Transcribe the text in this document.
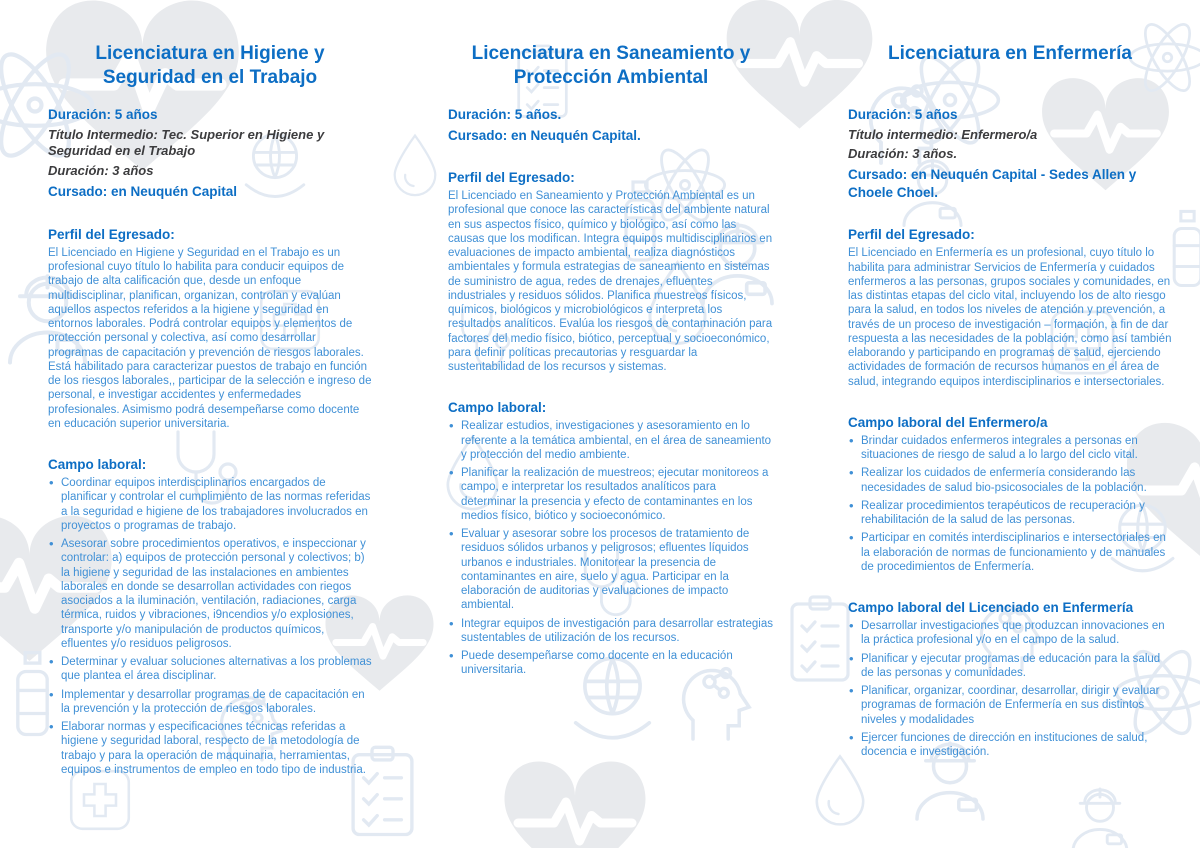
Licenciatura en Higiene y Seguridad en el Trabajo

Duración: 5 años

Título Intermedio: Tec. Superior en Higiene y Seguridad en el Trabajo

Duración: 3 años

Cursado: en Neuquén Capital

Perfil del Egresado:

El Licenciado en Higiene y Seguridad en el Trabajo es un profesional cuyo título lo habilita para conducir equipos de trabajo de alta calificación que, desde un enfoque multidisciplinar, planifican, organizan, controlan y evalúan aquellos aspectos referidos a la higiene y seguridad en entornos laborales. Podrá controlar equipos y elementos de protección personal y colectiva, así como desarrollar programas de capacitación y prevención de riesgos laborales.

Está habilitado para caracterizar puestos de trabajo en función de los riesgos laborales,, participar de la selección e ingreso de personal, e investigar accidentes y enfermedades profesionales. Asimismo podrá desempeñarse como docente en educación superior universitaria.

Campo laboral:
• Coordinar equipos interdisciplinarios encargados de planificar y controlar el cumplimiento de las normas referidas a la seguridad e higiene de los trabajadores involucrados en proyectos o programas de trabajo.
• Asesorar sobre procedimientos operativos, e inspeccionar y controlar: a) equipos de protección personal y colectivos; b) la higiene y seguridad de las instalaciones en ambientes laborales en donde se desarrollan actividades con riegos asociados a la iluminación, ventilación, radiaciones, carga térmica, ruidos y vibraciones, i9ncendios y/o explosiones, transporte y/o manipulación de productos químicos, efluentes y/o residuos peligrosos.
• Determinar y evaluar soluciones alternativas a los problemas que plantea el área disciplinar.
• Implementar y desarrollar programas de de capacitación en la prevención y la protección de riesgos laborales.
• Elaborar normas y especificaciones técnicas referidas a higiene y seguridad laboral, respecto de la metodología de trabajo y para la operación de maquinaria, herramientas, equipos e instrumentos de empleo en todo tipo de industria.
Licenciatura en Saneamiento y Protección Ambiental

Duración: 5 años.

Cursado: en Neuquén Capital.

Perfil del Egresado:

El Licenciado en Saneamiento y Protección Ambiental es un profesional que conoce las características del ambiente natural en sus aspectos físico, químico y biológico, así como las causas que los modifican. Integra equipos multidisciplinarios en evaluaciones de impacto ambiental, realiza diagnósticos ambientales y formula estrategias de saneamiento en sistemas de suministro de agua, redes de drenajes, efluentes industriales y residuos sólidos. Planifica muestreos físicos, químicos, biológicos y microbiológicos e interpreta los resultados analíticos. Evalúa los riesgos de contaminación para factores del medio físico, biótico, perceptual y socioeconómico, para definir políticas precautorias y resguardar la sustentabilidad de los recursos y sistemas.

Campo laboral:
• Realizar estudios, investigaciones y asesoramiento en lo referente a la temática ambiental, en el área de saneamiento y protección del medio ambiente.
• Planificar la realización de muestreos; ejecutar monitoreos a campo, e interpretar los resultados analíticos para determinar la presencia y efecto de contaminantes en los medios físico, biótico y socioeconómico.
• Evaluar y asesorar sobre los procesos de tratamiento de residuos sólidos urbanos y peligrosos; efluentes líquidos urbanos e industriales. Monitorear la presencia de contaminantes en aire, suelo y agua. Participar en la elaboración de auditorias y evaluaciones de impacto ambiental.
• Integrar equipos de investigación para desarrollar estrategias sustentables de utilización de los recursos.
• Puede desempeñarse como docente en la educación universitaria.
Licenciatura en Enfermería

Duración: 5 años

Título intermedio: Enfermero/a

Duración: 3 años.

Cursado: en Neuquén Capital - Sedes Allen y Choele Choel.

Perfil del Egresado:

El Licenciado en Enfermería es un profesional, cuyo título lo habilita para administrar Servicios de Enfermería y cuidados enfermeros a las personas, grupos sociales y comunidades, en las distintas etapas del ciclo vital, incluyendo los de alto riesgo para la salud, en todos los niveles de atención y prevención, a través de un proceso de investigación – formación, a fin de dar respuesta a las necesidades de la población, como así también elaborando y participando en programas de salud, ejerciendo actividades de formación de recursos humanos en el área de salud, integrando equipos interdisciplinarios e intersectoriales.

Campo laboral del Enfermero/a
• Brindar cuidados enfermeros integrales a personas en situaciones de riesgo de salud a lo largo del ciclo vital.
• Realizar los cuidados de enfermería considerando las necesidades de salud bio-psicosociales de la población.
• Realizar procedimientos terapéuticos de recuperación y rehabilitación de la salud de las personas.
• Participar en comités interdisciplinarios e intersectoriales en la elaboración de normas de funcionamiento y de manuales de procedimientos de Enfermería.
Campo laboral del Licenciado en Enfermería
• Desarrollar investigaciones que produzcan innovaciones en la práctica profesional y/o en el campo de la salud.
• Planificar y ejecutar programas de educación para la salud de las personas y comunidades.
• Planificar, organizar, coordinar, desarrollar, dirigir y evaluar programas de formación de Enfermería en sus distintos niveles y modalidades
• Ejercer funciones de dirección en instituciones de salud, docencia e investigación.
